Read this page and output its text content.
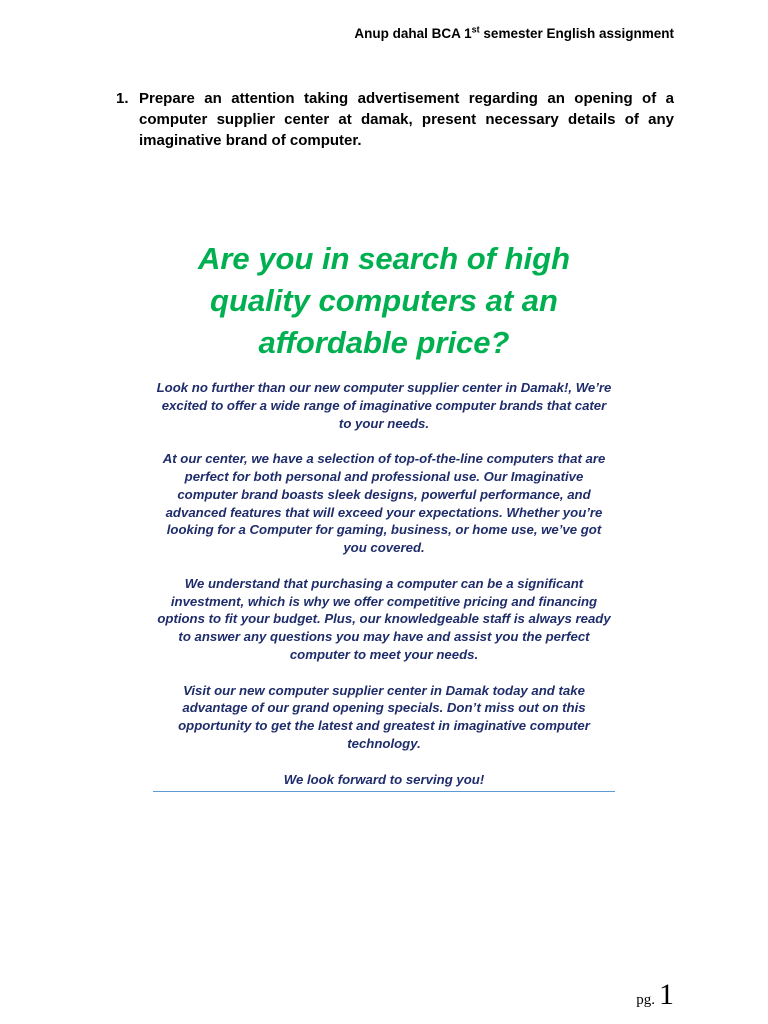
Anup dahal BCA 1st semester English assignment
1. Prepare an attention taking advertisement regarding an opening of a computer supplier center at damak, present necessary details of any imaginative brand of computer.
Are you in search of high quality computers at an affordable price?

Look no further than our new computer supplier center in Damak!, We’re excited to offer a wide range of imaginative computer brands that cater to your needs.

At our center, we have a selection of top-of-the-line computers that are perfect for both personal and professional use. Our Imaginative computer brand boasts sleek designs, powerful performance, and advanced features that will exceed your expectations. Whether you’re looking for a Computer for gaming, business, or home use, we’ve got you covered.

We understand that purchasing a computer can be a significant investment, which is why we offer competitive pricing and financing options to fit your budget. Plus, our knowledgeable staff is always ready to answer any questions you may have and assist you the perfect computer to meet your needs.

Visit our new computer supplier center in Damak today and take advantage of our grand opening specials. Don’t miss out on this opportunity to get the latest and greatest in imaginative computer technology.

We look forward to serving you!

pg. 1
